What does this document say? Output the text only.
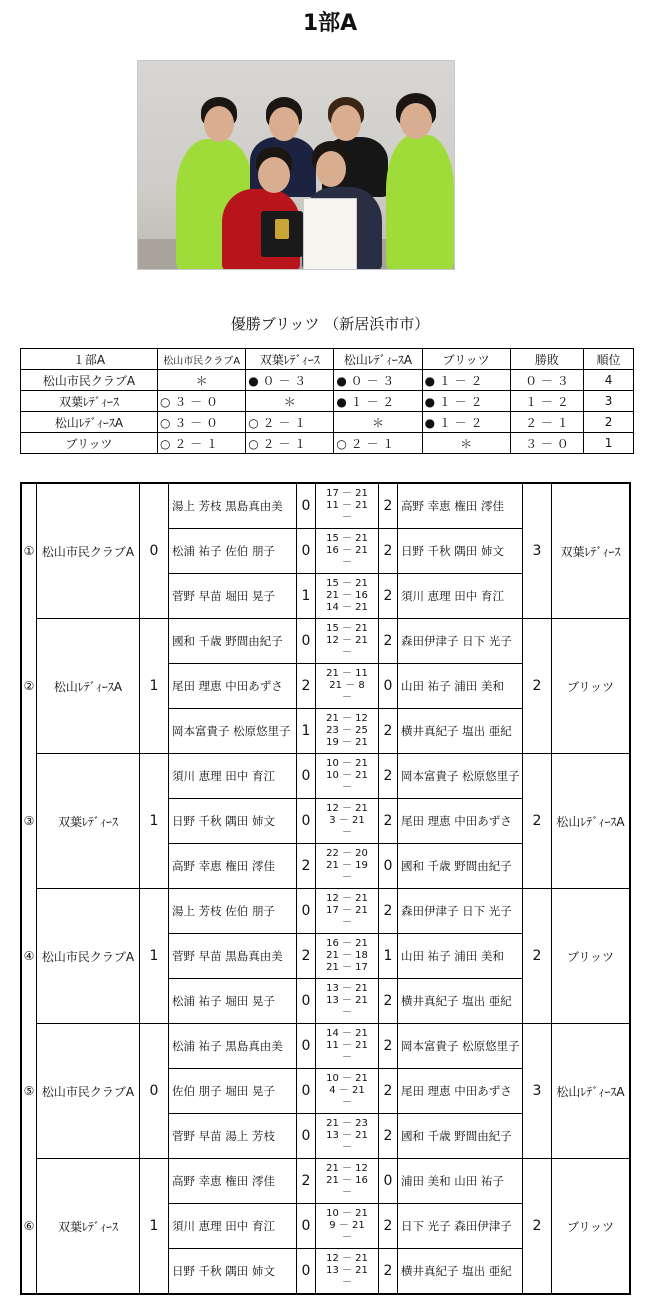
1部A
優勝ブリッツ （新居浜市市）
１部A	松山市民クラブA	双葉ﾚﾃﾞｨｰｽ	松山ﾚﾃﾞｨｰｽA	ブリッツ	勝敗	順位
松山市民クラブA	＊	● ０ － ３	● ０ － ３	● １ － ２	０ － ３	4
双葉ﾚﾃﾞｨｰｽ	○ ３ － ０	＊	● １ － ２	● １ － ２	１ － ２	3
松山ﾚﾃﾞｨｰｽA	○ ３ － ０	○ ２ － １	＊	● １ － ２	２ － １	2
ブリッツ	○ ２ － １	○ ２ － １	○ ２ － １	＊	３ － ０	1
①	松山市民クラブA	0	湯上 芳枝 黒島真由美	0	17 － 21
11 － 21
－	2	高野 幸恵 権田 澪佳	3	双葉ﾚﾃﾞｨｰｽ
			松浦 祐子 佐伯 朋子	0	15 － 21
16 － 21
－	2	日野 千秋 隅田 姉文		
			菅野 早苗 堀田 晃子	1	15 － 21
21 － 16
14 － 21	2	須川 恵理 田中 育江		
②	松山ﾚﾃﾞｨｰｽA	1	國和 千歳 野間由紀子	0	15 － 21
12 － 21
－	2	森田伊津子 日下 光子	2	ブリッツ
			尾田 理恵 中田あずさ	2	21 － 11
21 － 8
－	0	山田 祐子 浦田 美和		
			岡本富貴子 松原悠里子	1	21 － 12
23 － 25
19 － 21	2	横井真紀子 塩出 亜紀		
③	双葉ﾚﾃﾞｨｰｽ	1	須川 恵理 田中 育江	0	10 － 21
10 － 21
－	2	岡本富貴子 松原悠里子	2	松山ﾚﾃﾞｨｰｽA
			日野 千秋 隅田 姉文	0	12 － 21
3 － 21
－	2	尾田 理恵 中田あずさ		
			高野 幸恵 権田 澪佳	2	22 － 20
21 － 19
－	0	國和 千歳 野間由紀子		
④	松山市民クラブA	1	湯上 芳枝 佐伯 朋子	0	12 － 21
17 － 21
－	2	森田伊津子 日下 光子	2	ブリッツ
			菅野 早苗 黒島真由美	2	16 － 21
21 － 18
21 － 17	1	山田 祐子 浦田 美和		
			松浦 祐子 堀田 晃子	0	13 － 21
13 － 21
－	2	横井真紀子 塩出 亜紀		
⑤	松山市民クラブA	0	松浦 祐子 黒島真由美	0	14 － 21
11 － 21
－	2	岡本富貴子 松原悠里子	3	松山ﾚﾃﾞｨｰｽA
			佐伯 朋子 堀田 晃子	0	10 － 21
4 － 21
－	2	尾田 理恵 中田あずさ		
			菅野 早苗 湯上 芳枝	0	21 － 23
13 － 21
－	2	國和 千歳 野間由紀子		
⑥	双葉ﾚﾃﾞｨｰｽ	1	高野 幸恵 権田 澪佳	2	21 － 12
21 － 16
－	0	浦田 美和 山田 祐子	2	ブリッツ
			須川 恵理 田中 育江	0	10 － 21
9 － 21
－	2	日下 光子 森田伊津子		
			日野 千秋 隅田 姉文	0	12 － 21
13 － 21
－	2	横井真紀子 塩出 亜紀		
